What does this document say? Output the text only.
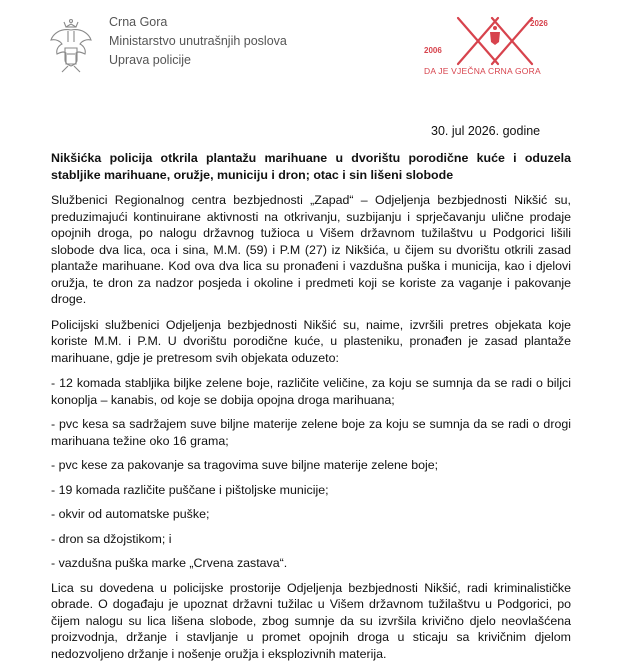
Crna Gora
Ministarstvo unutrašnjih poslova
Uprava policije
2006
2026
DA JE VJEČNA CRNA GORA
30. jul 2026. godine
Nikšićka policija otkrila plantažu marihuane u dvorištu porodične kuće i oduzela stabljike marihuane, oružje, municiju i dron; otac i sin lišeni slobode
Službenici Regionalnog centra bezbjednosti „Zapad“ – Odjeljenja bezbjednosti Nikšić su, preduzimajući kontinuirane aktivnosti na otkrivanju, suzbijanju i sprječavanju ulične prodaje opojnih droga, po nalogu državnog tužioca u Višem državnom tužilaštvu u Podgorici lišili slobode dva lica, oca i sina, M.M. (59) i P.M (27) iz Nikšića, u čijem su dvorištu otkrili zasad plantaže marihuane. Kod ova dva lica su pronađeni i vazdušna puška i municija, kao i djelovi oružja, te dron za nadzor posjeda i okoline i predmeti koji se koriste za vaganje i pakovanje droge.
Policijski službenici Odjeljenja bezbjednosti Nikšić su, naime, izvršili pretres objekata koje koriste M.M. i P.M. U dvorištu porodične kuće, u plasteniku, pronađen je zasad plantaže marihuane, gdje je pretresom svih objekata oduzeto:
- 12 komada stabljika biljke zelene boje, različite veličine, za koju se sumnja da se radi o biljci konoplja – kanabis, od koje se dobija opojna droga marihuana;
- pvc kesa sa sadržajem suve biljne materije zelene boje za koju se sumnja da se radi o drogi marihuana težine oko 16 grama;
- pvc kese za pakovanje sa tragovima suve biljne materije zelene boje;
- 19 komada različite puščane i pištoljske municije;
- okvir od automatske puške;
- dron sa džojstikom; i
- vazdušna puška marke „Crvena zastava“.
Lica su dovedena u policijske prostorije Odjeljenja bezbjednosti Nikšić, radi kriminalističke obrade. O događaju je upoznat državni tužilac u Višem državnom tužilaštvu u Podgorici, po čijem nalogu su lica lišena slobode, zbog sumnje da su izvršila krivično djelo neovlašćena proizvodnja, držanje i stavljanje u promet opojnih droga u sticaju sa krivičnim djelom nedozvoljeno držanje i nošenje oružja i eksplozivnih materija.
